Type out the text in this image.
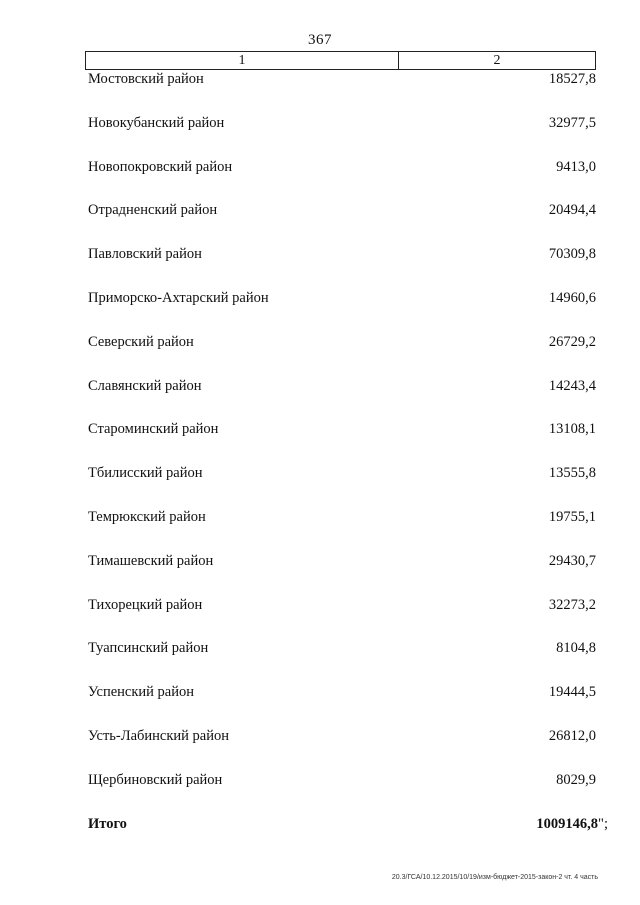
367
1	2
Мостовский район	18527,8
Новокубанский район	32977,5
Новопокровский район	9413,0
Отрадненский район	20494,4
Павловский район	70309,8
Приморско-Ахтарский район	14960,6
Северский район	26729,2
Славянский район	14243,4
Староминский район	13108,1
Тбилисский район	13555,8
Темрюкский район	19755,1
Тимашевский район	29430,7
Тихорецкий район	32273,2
Туапсинский район	8104,8
Успенский район	19444,5
Усть-Лабинский район	26812,0
Щербиновский район	8029,9
Итого	1009146,8";
20.3/ГСА/10.12.2015/10/19/изм-бюджет-2015-закон-2 чт. 4 часть
